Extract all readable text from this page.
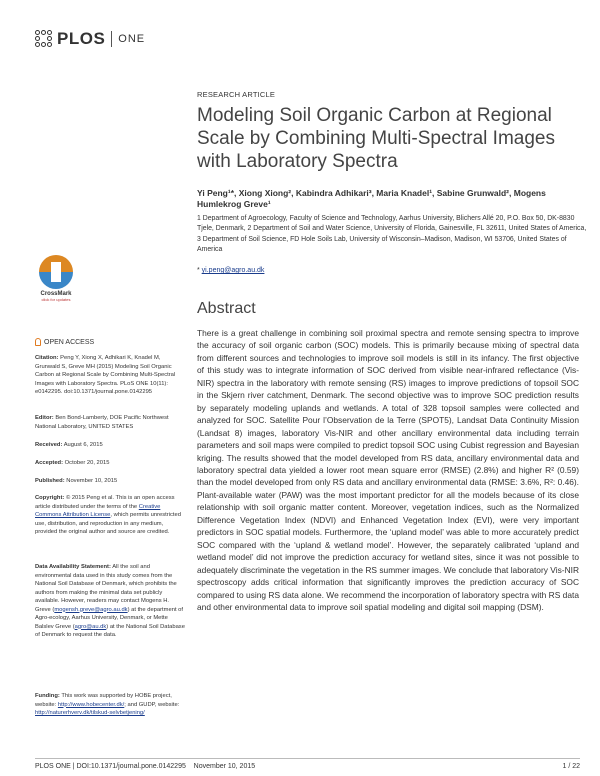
PLOS ONE
RESEARCH ARTICLE
Modeling Soil Organic Carbon at Regional Scale by Combining Multi-Spectral Images with Laboratory Spectra
Yi Peng¹*, Xiong Xiong², Kabindra Adhikari³, Maria Knadel¹, Sabine Grunwald², Mogens Humlekrog Greve¹
1 Department of Agroecology, Faculty of Science and Technology, Aarhus University, Blichers Allé 20, P.O. Box 50, DK-8830 Tjele, Denmark, 2 Department of Soil and Water Science, University of Florida, Gainesville, FL 32611, United States of America, 3 Department of Soil Science, FD Hole Soils Lab, University of Wisconsin–Madison, Madison, WI 53706, United States of America
* yi.peng@agro.au.dk
Abstract
There is a great challenge in combining soil proximal spectra and remote sensing spectra to improve the accuracy of soil organic carbon (SOC) models. This is primarily because mixing of spectral data from different sources and technologies to improve soil models is still in its infancy. The first objective of this study was to integrate information of SOC derived from visible near-infrared reflectance (Vis-NIR) spectra in the laboratory with remote sensing (RS) images to improve predictions of topsoil SOC in the Skjern river catchment, Denmark. The second objective was to improve SOC prediction results by separately modeling uplands and wetlands. A total of 328 topsoil samples were collected and analyzed for SOC. Satellite Pour l’Observation de la Terre (SPOT5), Landsat Data Continuity Mission (Landsat 8) images, laboratory Vis-NIR and other ancillary environmental data including terrain parameters and soil maps were compiled to predict topsoil SOC using Cubist regression and Bayesian kriging. The results showed that the model developed from RS data, ancillary environmental data and laboratory spectral data yielded a lower root mean square error (RMSE) (2.8%) and higher R² (0.59) than the model developed from only RS data and ancillary environmental data (RMSE: 3.6%, R²: 0.46). Plant-available water (PAW) was the most important predictor for all the models because of its close relationship with soil organic matter content. Moreover, vegetation indices, such as the Normalized Difference Vegetation Index (NDVI) and Enhanced Vegetation Index (EVI), were very important predictors in SOC spatial models. Furthermore, the ‘upland model’ was able to more accurately predict SOC compared with the ‘upland & wetland model’. However, the separately calibrated ‘upland and wetland model’ did not improve the prediction accuracy for wetland sites, since it was not possible to adequately discriminate the vegetation in the RS summer images. We conclude that laboratory Vis-NIR spectroscopy adds critical information that significantly improves the prediction accuracy of SOC compared to using RS data alone. We recommend the incorporation of laboratory spectra with RS data and other environmental data to improve soil spatial modeling and digital soil mapping (DSM).
CrossMark
click for updates
OPEN ACCESS
Citation: Peng Y, Xiong X, Adhikari K, Knadel M, Grunwald S, Greve MH (2015) Modeling Soil Organic Carbon at Regional Scale by Combining Multi-Spectral Images with Laboratory Spectra. PLoS ONE 10(11): e0142295. doi:10.1371/journal.pone.0142295
Editor: Ben Bond-Lamberty, DOE Pacific Northwest National Laboratory, UNITED STATES
Received: August 6, 2015
Accepted: October 20, 2015
Published: November 10, 2015
Copyright: © 2015 Peng et al. This is an open access article distributed under the terms of the Creative Commons Attribution License, which permits unrestricted use, distribution, and reproduction in any medium, provided the original author and source are credited.
Data Availability Statement: All the soil and environmental data used in this study comes from the National Soil Database of Denmark, which prohibits the authors from making the minimal data set publicly available. However, readers may contact Mogens H. Greve (mogensh.greve@agro.au.dk) at the department of Agro-ecology, Aarhus University, Denmark, or Mette Balslev Greve (agro@au.dk) at the National Soil Database of Denmark to request the data.
Funding: This work was supported by HOBE project, website: http://www.hobecenter.dk/; and GUDP, website: http://naturerhverv.dk/tilskud-selvbetjening/
PLOS ONE | DOI:10.1371/journal.pone.0142295    November 10, 2015	1 / 22
